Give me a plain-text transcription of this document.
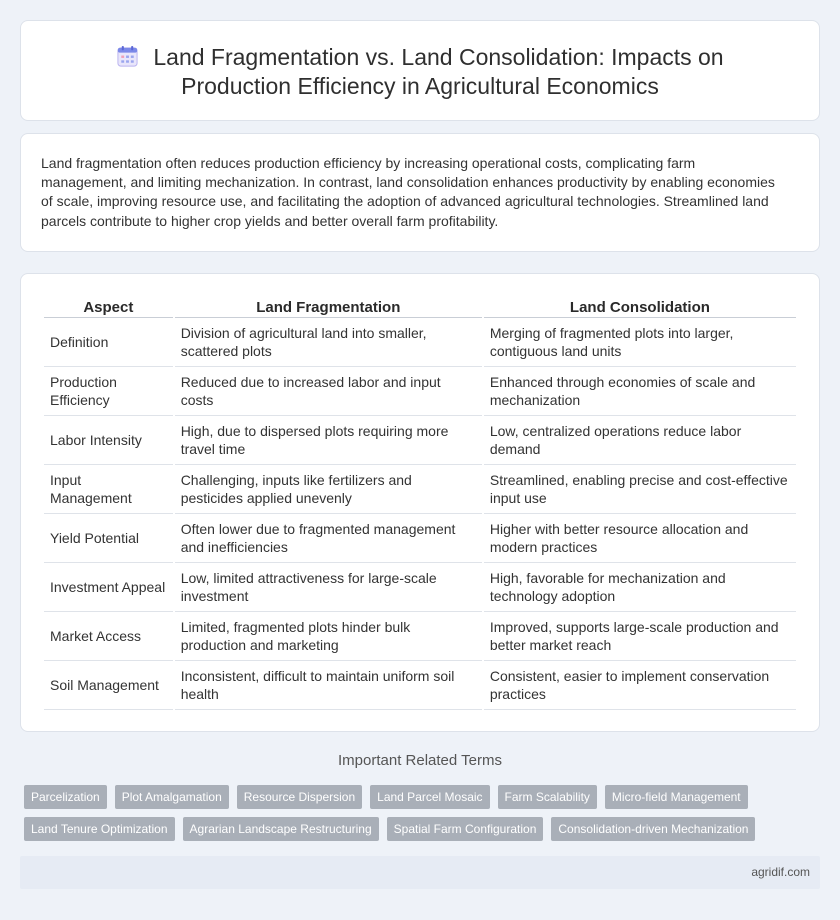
Land Fragmentation vs. Land Consolidation: Impacts on
Production Efficiency in Agricultural Economics

Land fragmentation often reduces production efficiency by increasing operational costs, complicating farm management, and limiting mechanization. In contrast, land consolidation enhances productivity by enabling economies of scale, improving resource use, and facilitating the adoption of advanced agricultural technologies. Streamlined land parcels contribute to higher crop yields and better overall farm profitability.

Aspect	Land Fragmentation	Land Consolidation
Definition	Division of agricultural land into smaller, scattered plots	Merging of fragmented plots into larger, contiguous land units
Production Efficiency	Reduced due to increased labor and input costs	Enhanced through economies of scale and mechanization
Labor Intensity	High, due to dispersed plots requiring more travel time	Low, centralized operations reduce labor demand
Input Management	Challenging, inputs like fertilizers and pesticides applied unevenly	Streamlined, enabling precise and cost-effective input use
Yield Potential	Often lower due to fragmented management and inefficiencies	Higher with better resource allocation and modern practices
Investment Appeal	Low, limited attractiveness for large-scale investment	High, favorable for mechanization and technology adoption
Market Access	Limited, fragmented plots hinder bulk production and marketing	Improved, supports large-scale production and better market reach
Soil Management	Inconsistent, difficult to maintain uniform soil health	Consistent, easier to implement conservation practices
Important Related Terms
Parcelization	Plot Amalgamation	Resource Dispersion	Land Parcel Mosaic	Farm Scalability	Micro-field Management
Land Tenure Optimization	Agrarian Landscape Restructuring	Spatial Farm Configuration	Consolidation-driven Mechanization
agridif.com
